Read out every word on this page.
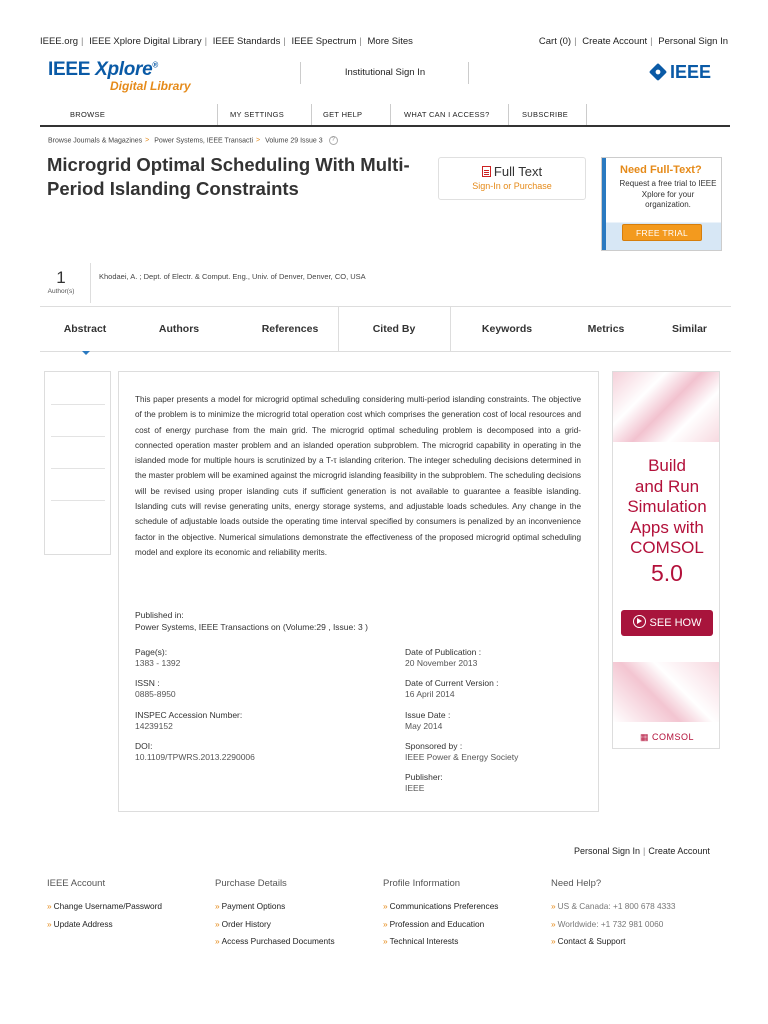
IEEE.org | IEEE Xplore Digital Library | IEEE Standards | IEEE Spectrum | More Sites	Cart (0) | Create Account | Personal Sign In
IEEE Xplore®
Digital Library
Institutional Sign In	IEEE
BROWSE	MY SETTINGS	GET HELP	WHAT CAN I ACCESS?	SUBSCRIBE
Browse Journals & Magazines > Power Systems, IEEE Transacti > Volume 29 Issue 3 ?
Microgrid Optimal Scheduling With Multi-Period Islanding Constraints
Full Text
Sign-In or Purchase
Need Full-Text?
Request a free trial to IEEE Xplore for your organization.
FREE TRIAL
1
Author(s)
Khodaei, A. ; Dept. of Electr. & Comput. Eng., Univ. of Denver, Denver, CO, USA
Abstract	Authors	References	Cited By	Keywords	Metrics	Similar
This paper presents a model for microgrid optimal scheduling considering multi-period islanding constraints. The objective of the problem is to minimize the microgrid total operation cost which comprises the generation cost of local resources and cost of energy purchase from the main grid. The microgrid optimal scheduling problem is decomposed into a grid-connected operation master problem and an islanded operation subproblem. The microgrid capability in operating in the islanded mode for multiple hours is scrutinized by a T-τ islanding criterion. The integer scheduling decisions determined in the master problem will be examined against the microgrid islanding feasibility in the subproblem. The scheduling decisions will be revised using proper islanding cuts if sufficient generation is not available to guarantee a feasible islanding. Islanding cuts will revise generating units, energy storage systems, and adjustable loads schedules. Any change in the schedule of adjustable loads outside the operating time interval specified by consumers is penalized by an inconvenience factor in the objective. Numerical simulations demonstrate the effectiveness of the proposed microgrid optimal scheduling model and explore its economic and reliability merits.
Published in:
Power Systems, IEEE Transactions on (Volume:29 , Issue: 3 )
Page(s):
1383 - 1392
ISSN :
0885-8950
INSPEC Accession Number:
14239152
DOI:
10.1109/TPWRS.2013.2290006
Date of Publication :
20 November 2013
Date of Current Version :
16 April 2014
Issue Date :
May 2014
Sponsored by :
IEEE Power & Energy Society
Publisher:
IEEE
Build
and Run
Simulation
Apps with
COMSOL
5.0
SEE HOW
▦ COMSOL
Personal Sign In | Create Account
IEEE Account
» Change Username/Password
» Update Address
Purchase Details
» Payment Options
» Order History
» Access Purchased Documents
Profile Information
» Communications Preferences
» Profession and Education
» Technical Interests
Need Help?
» US & Canada: +1 800 678 4333
» Worldwide: +1 732 981 0060
» Contact & Support
